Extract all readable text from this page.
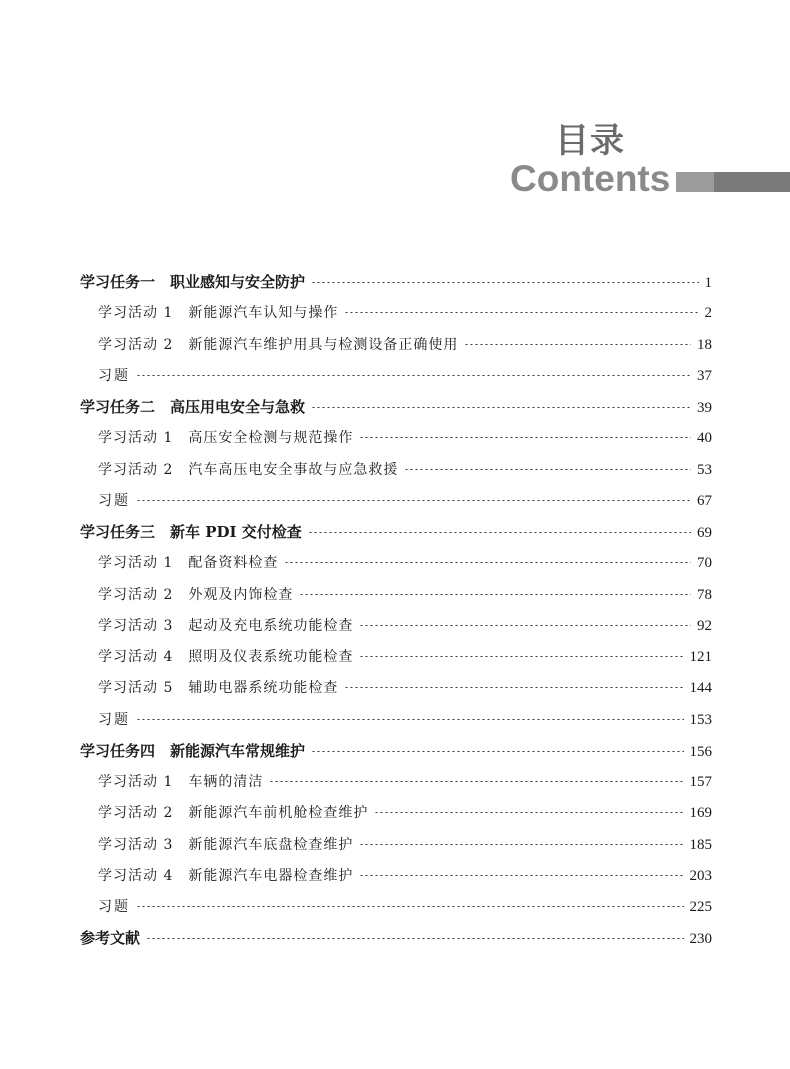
目录
Contents
学习任务一　职业感知与安全防护	1
学习活动 1　新能源汽车认知与操作	2
学习活动 2　新能源汽车维护用具与检测设备正确使用	18
习题	37
学习任务二　高压用电安全与急救	39
学习活动 1　高压安全检测与规范操作	40
学习活动 2　汽车高压电安全事故与应急救援	53
习题	67
学习任务三　新车 PDI 交付检查	69
学习活动 1　配备资料检查	70
学习活动 2　外观及内饰检查	78
学习活动 3　起动及充电系统功能检查	92
学习活动 4　照明及仪表系统功能检查	121
学习活动 5　辅助电器系统功能检查	144
习题	153
学习任务四　新能源汽车常规维护	156
学习活动 1　车辆的清洁	157
学习活动 2　新能源汽车前机舱检查维护	169
学习活动 3　新能源汽车底盘检查维护	185
学习活动 4　新能源汽车电器检查维护	203
习题	225
参考文献	230
